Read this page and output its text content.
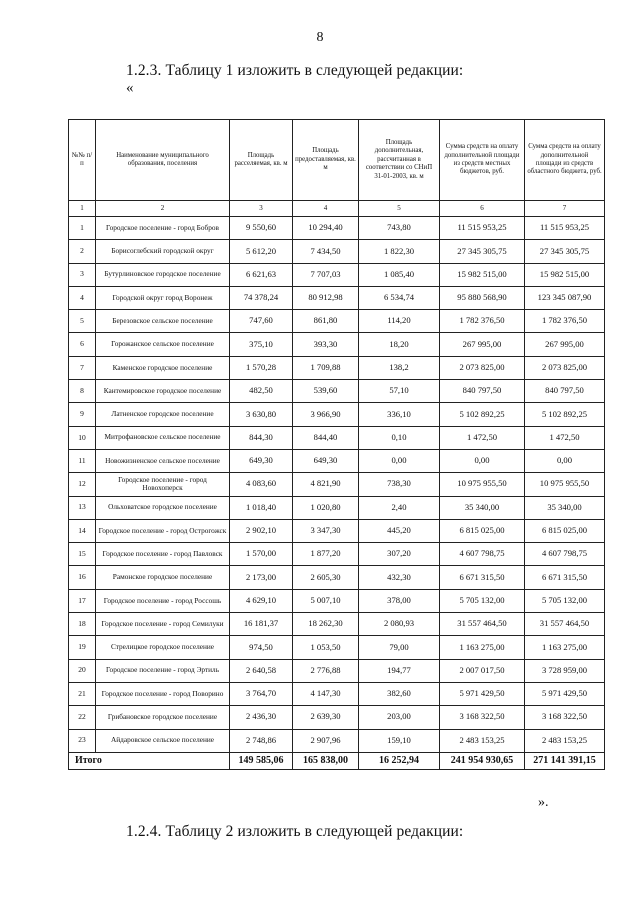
8
1.2.3. Таблицу 1 изложить в следующей редакции:
«
№№ п/п	Наименование муниципального образования, поселения	Площадь расселяемая, кв. м	Площадь предоставляемая, кв. м	Площадь дополнительная, рассчитанная в соответствии со СНиП 31-01-2003, кв. м	Сумма средств на оплату дополнительной площади из средств местных бюджетов, руб.	Сумма средств на оплату дополнительной площади из средств областного бюджета, руб.
1	2	3	4	5	6	7
1	Городское поселение - город Бобров	9 550,60	10 294,40	743,80	11 515 953,25	11 515 953,25
2	Борисоглебский городской округ	5 612,20	7 434,50	1 822,30	27 345 305,75	27 345 305,75
3	Бутурлиновское городское поселение	6 621,63	7 707,03	1 085,40	15 982 515,00	15 982 515,00
4	Городской округ город Воронеж	74 378,24	80 912,98	6 534,74	95 880 568,90	123 345 087,90
5	Березовское сельское поселение	747,60	861,80	114,20	1 782 376,50	1 782 376,50
6	Горожанское сельское поселение	375,10	393,30	18,20	267 995,00	267 995,00
7	Каменское городское поселение	1 570,28	1 709,88	138,2	2 073 825,00	2 073 825,00
8	Кантемировское городское поселение	482,50	539,60	57,10	840 797,50	840 797,50
9	Латненское городское поселение	3 630,80	3 966,90	336,10	5 102 892,25	5 102 892,25
10	Митрофановское сельское поселение	844,30	844,40	0,10	1 472,50	1 472,50
11	Новожизненское сельское поселение	649,30	649,30	0,00	0,00	0,00
12	Городское поселение - город Новохоперск	4 083,60	4 821,90	738,30	10 975 955,50	10 975 955,50
13	Ольховатское городское поселение	1 018,40	1 020,80	2,40	35 340,00	35 340,00
14	Городское поселение - город Острогожск	2 902,10	3 347,30	445,20	6 815 025,00	6 815 025,00
15	Городское поселение - город Павловск	1 570,00	1 877,20	307,20	4 607 798,75	4 607 798,75
16	Рамонское городское поселение	2 173,00	2 605,30	432,30	6 671 315,50	6 671 315,50
17	Городское поселение - город Россошь	4 629,10	5 007,10	378,00	5 705 132,00	5 705 132,00
18	Городское поселение - город Семилуки	16 181,37	18 262,30	2 080,93	31 557 464,50	31 557 464,50
19	Стрелицкое городское поселение	974,50	1 053,50	79,00	1 163 275,00	1 163 275,00
20	Городское поселение - город Эртиль	2 640,58	2 776,88	194,77	2 007 017,50	3 728 959,00
21	Городское поселение - город Поворино	3 764,70	4 147,30	382,60	5 971 429,50	5 971 429,50
22	Грибановское городское поселение	2 436,30	2 639,30	203,00	3 168 322,50	3 168 322,50
23	Айдаровское сельское поселение	2 748,86	2 907,96	159,10	2 483 153,25	2 483 153,25
Итого		149 585,06	165 838,00	16 252,94	241 954 930,65	271 141 391,15
».
1.2.4. Таблицу 2 изложить в следующей редакции:
